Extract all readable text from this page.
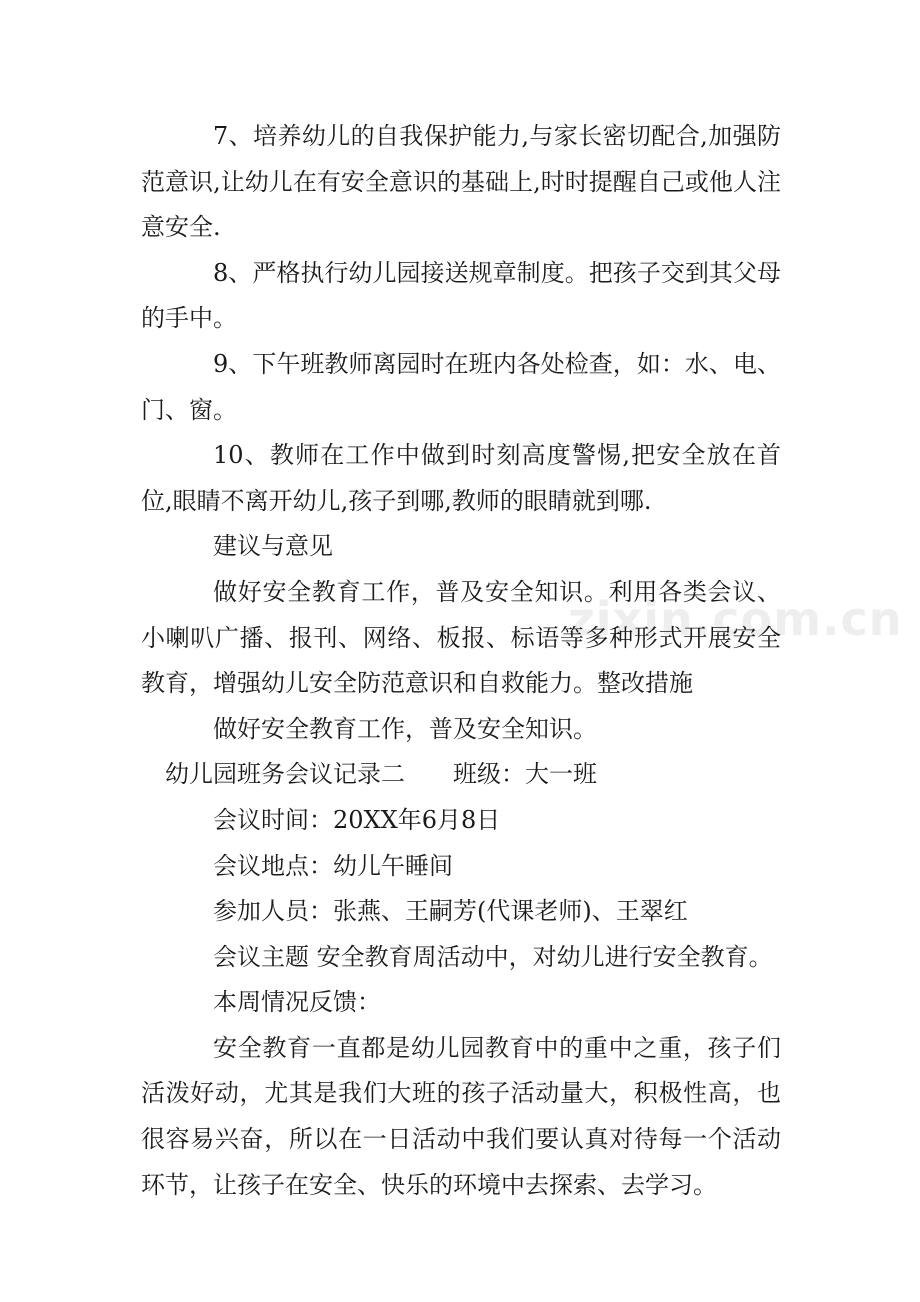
zixin.com.cn

7、培养幼儿的自我保护能力,与家长密切配合,加强防范意识,让幼儿在有安全意识的基础上,时时提醒自己或他人注意安全.

8、严格执行幼儿园接送规章制度。把孩子交到其父母的手中。

9、下午班教师离园时在班内各处检查，如：水、电、门、窗。

10、教师在工作中做到时刻高度警惕,把安全放在首位,眼睛不离开幼儿,孩子到哪,教师的眼睛就到哪.

建议与意见

做好安全教育工作，普及安全知识。利用各类会议、小喇叭广播、报刊、网络、板报、标语等多种形式开展安全教育，增强幼儿安全防范意识和自救能力。整改措施

做好安全教育工作，普及安全知识。

幼儿园班务会议记录二　　班级：大一班

会议时间：20XX年6月8日

会议地点：幼儿午睡间

参加人员：张燕、王嗣芳(代课老师)、王翠红

会议主题 安全教育周活动中，对幼儿进行安全教育。

本周情况反馈：

安全教育一直都是幼儿园教育中的重中之重，孩子们活泼好动，尤其是我们大班的孩子活动量大，积极性高，也很容易兴奋，所以在一日活动中我们要认真对待每一个活动环节，让孩子在安全、快乐的环境中去探索、去学习。
